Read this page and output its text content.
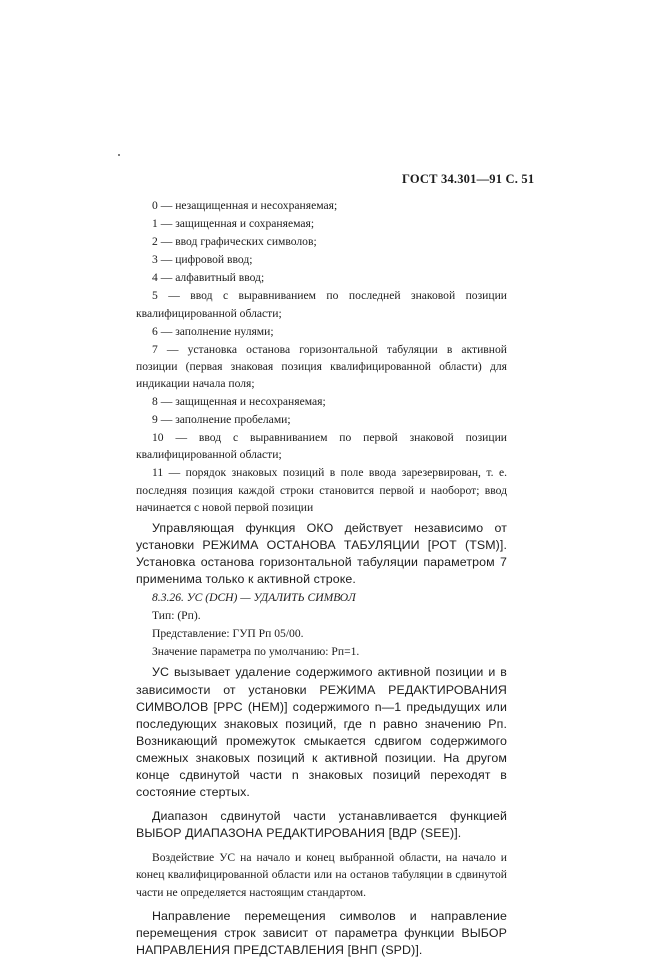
ГОСТ 34.301—91 С. 51

0 — незащищенная и несохраняемая;

1 — защищенная и сохраняемая;

2 — ввод графических символов;

3 — цифровой ввод;

4 — алфавитный ввод;

5 — ввод с выравниванием по последней знаковой позиции квалифицированной области;

6 — заполнение нулями;

7 — установка останова горизонтальной табуляции в активной позиции (первая знаковая позиция квалифицированной области) для индикации начала поля;

8 — защищенная и несохраняемая;

9 — заполнение пробелами;

10 — ввод с выравниванием по первой знаковой позиции квалифицированной области;

11 — порядок знаковых позиций в поле ввода зарезервирован, т. е. последняя позиция каждой строки становится первой и наоборот; ввод начинается с новой первой позиции

Управляющая функция ОКО действует независимо от установки РЕЖИМА ОСТАНОВА ТАБУЛЯЦИИ [РОТ (TSM)]. Установка останова горизонтальной табуляции параметром 7 применима только к активной строке.

8.3.26. УС (DCH) — УДАЛИТЬ СИМВОЛ

Тип: (Рп).

Представление: ГУП Рп 05/00.

Значение параметра по умолчанию: Рп=1.

УС вызывает удаление содержимого активной позиции и в зависимости от установки РЕЖИМА РЕДАКТИРОВАНИЯ СИМВОЛОВ [РРС (HEM)] содержимого n—1 предыдущих или последующих знаковых позиций, где n равно значению Рп. Возникающий промежуток смыкается сдвигом содержимого смежных знаковых позиций к активной позиции. На другом конце сдвинутой части n знаковых позиций переходят в состояние стертых.

Диапазон сдвинутой части устанавливается функцией ВЫБОР ДИАПАЗОНА РЕДАКТИРОВАНИЯ [ВДР (SEE)].

Воздействие УС на начало и конец выбранной области, на начало и конец квалифицированной области или на останов табуляции в сдвинутой части не определяется настоящим стандартом.

Направление перемещения символов и направление перемещения строк зависит от параметра функции ВЫБОР НАПРАВЛЕНИЯ ПРЕДСТАВЛЕНИЯ [ВНП (SPD)].
